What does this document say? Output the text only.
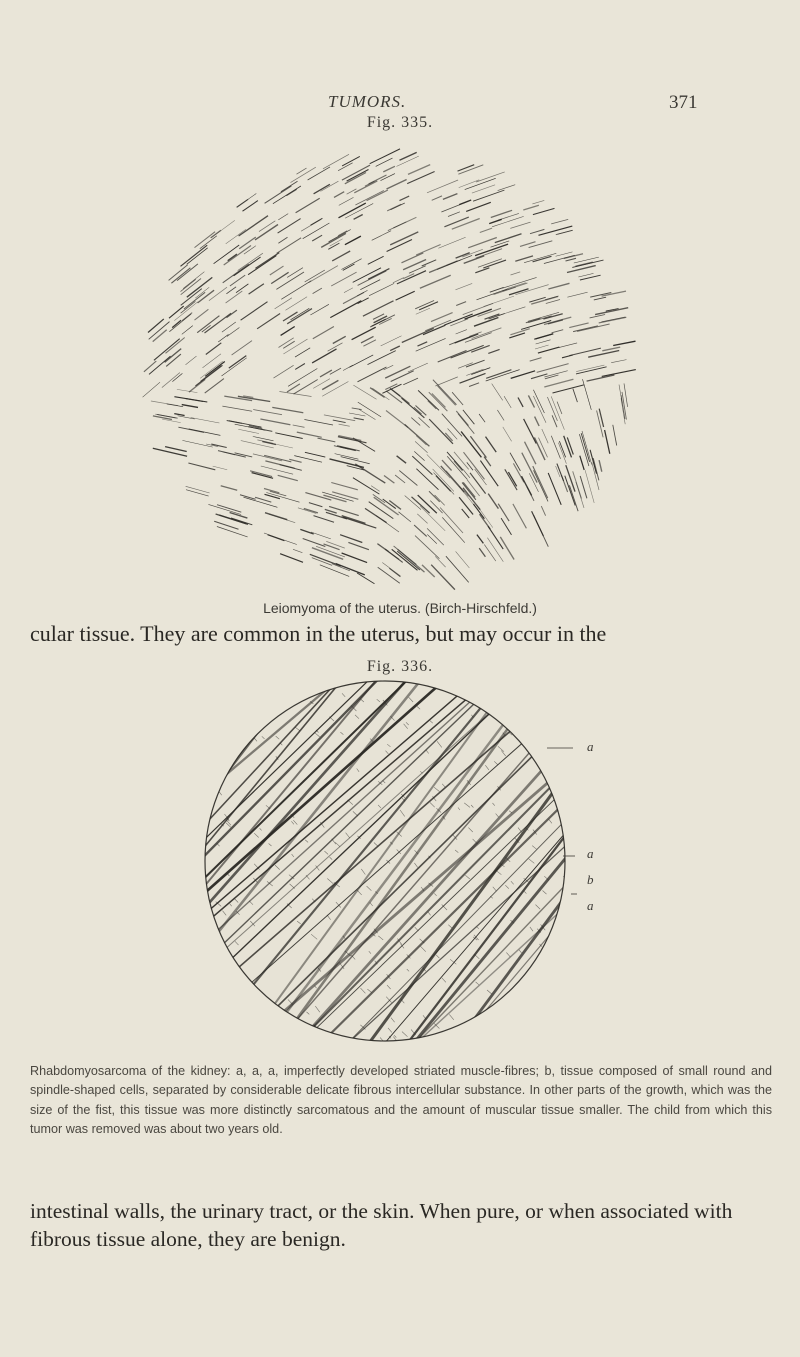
TUMORS.	371
Fig. 335.
Leiomyoma of the uterus. (Birch-Hirschfeld.)
cular tissue. They are common in the uterus, but may occur in the
Fig. 336.
a
a
b
a
Rhabdomyosarcoma of the kidney: a, a, a, imperfectly developed striated muscle-fibres; b, tissue composed of small round and spindle-shaped cells, separated by considerable delicate fibrous intercellular substance. In other parts of the growth, which was the size of the fist, this tissue was more distinctly sarcomatous and the amount of muscular tissue smaller. The child from which this tumor was removed was about two years old.
intestinal walls, the urinary tract, or the skin. When pure, or when associated with fibrous tissue alone, they are benign.
